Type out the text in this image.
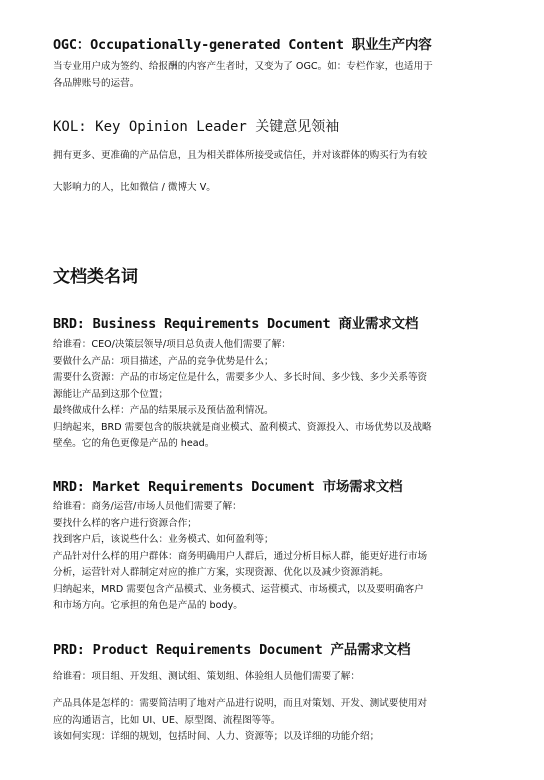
OGC：Occupationally-generated Content 职业生产内容
当专业用户成为签约、给报酬的内容产生者时，又变为了 OGC。如：专栏作家，也适用于
各品牌账号的运营。
KOL: Key Opinion Leader 关键意见领袖
拥有更多、更准确的产品信息，且为相关群体所接受或信任，并对该群体的购买行为有较
大影响力的人，比如微信 / 微博大 V。
文档类名词
BRD: Business Requirements Document 商业需求文档
给谁看：CEO/决策层领导/项目总负责人他们需要了解：
要做什么产品：项目描述，产品的竞争优势是什么；
需要什么资源：产品的市场定位是什么，需要多少人、多长时间、多少钱、多少关系等资
源能让产品到这那个位置；
最终做成什么样：产品的结果展示及预估盈利情况。
归纳起来，BRD 需要包含的版块就是商业模式、盈利模式、资源投入、市场优势以及战略
壁垒。它的角色更像是产品的 head。
MRD: Market Requirements Document 市场需求文档
给谁看：商务/运营/市场人员他们需要了解：
要找什么样的客户进行资源合作；
找到客户后，该说些什么：业务模式、如何盈利等；
产品针对什么样的用户群体：商务明确用户人群后，通过分析目标人群，能更好进行市场
分析，运营针对人群制定对应的推广方案，实现资源、优化以及减少资源消耗。
归纳起来，MRD 需要包含产品模式、业务模式、运营模式、市场模式，以及要明确客户
和市场方向。它承担的角色是产品的 body。
PRD: Product Requirements Document 产品需求文档
给谁看：项目组、开发组、测试组、策划组、体验组人员他们需要了解：
产品具体是怎样的：需要简洁明了地对产品进行说明，而且对策划、开发、测试要使用对
应的沟通语言，比如 UI、UE、原型图、流程图等等。
该如何实现：详细的规划，包括时间、人力、资源等；以及详细的功能介绍；
